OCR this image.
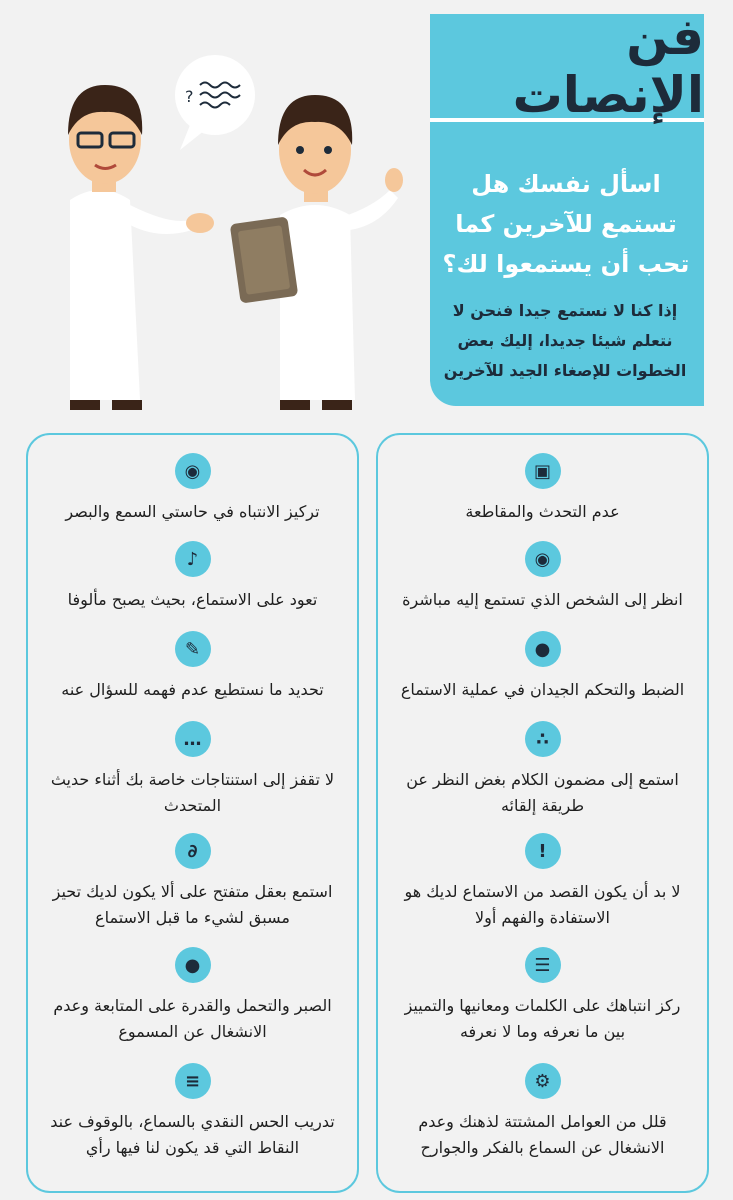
فن الإنصات
اسأل نفسك هل تستمع للآخرين كما تحب أن يستمعوا لك؟
إذا كنا لا نستمع جيدا فنحن لا نتعلم شيئا جديدا، إليك بعض الخطوات للإصغاء الجيد للآخرين
?
◉
تركيز الانتباه في حاستي السمع والبصر
♪
تعود على الاستماع، بحيث يصبح مألوفا
✎
تحديد ما نستطيع عدم فهمه للسؤال عنه
…
لا تقفز إلى استنتاجات خاصة بك أثناء حديث المتحدث
∂
استمع بعقل متفتح على ألا يكون لديك تحيز مسبق لشيء ما قبل الاستماع
●
الصبر والتحمل والقدرة على المتابعة وعدم الانشغال عن المسموع
≡
تدريب الحس النقدي بالسماع، بالوقوف عند النقاط التي قد يكون لنا فيها رأي
▣
عدم التحدث والمقاطعة
◉
انظر إلى الشخص الذي تستمع إليه مباشرة
●
الضبط والتحكم الجيدان في عملية الاستماع
∴
استمع إلى مضمون الكلام بغض النظر عن طريقة إلقائه
!
لا بد أن يكون القصد من الاستماع لديك هو الاستفادة والفهم أولا
☰
ركز انتباهك على الكلمات ومعانيها والتمييز بين ما نعرفه وما لا نعرفه
⚙
قلل من العوامل المشتتة لذهنك وعدم الانشغال عن السماع بالفكر والجوارح
